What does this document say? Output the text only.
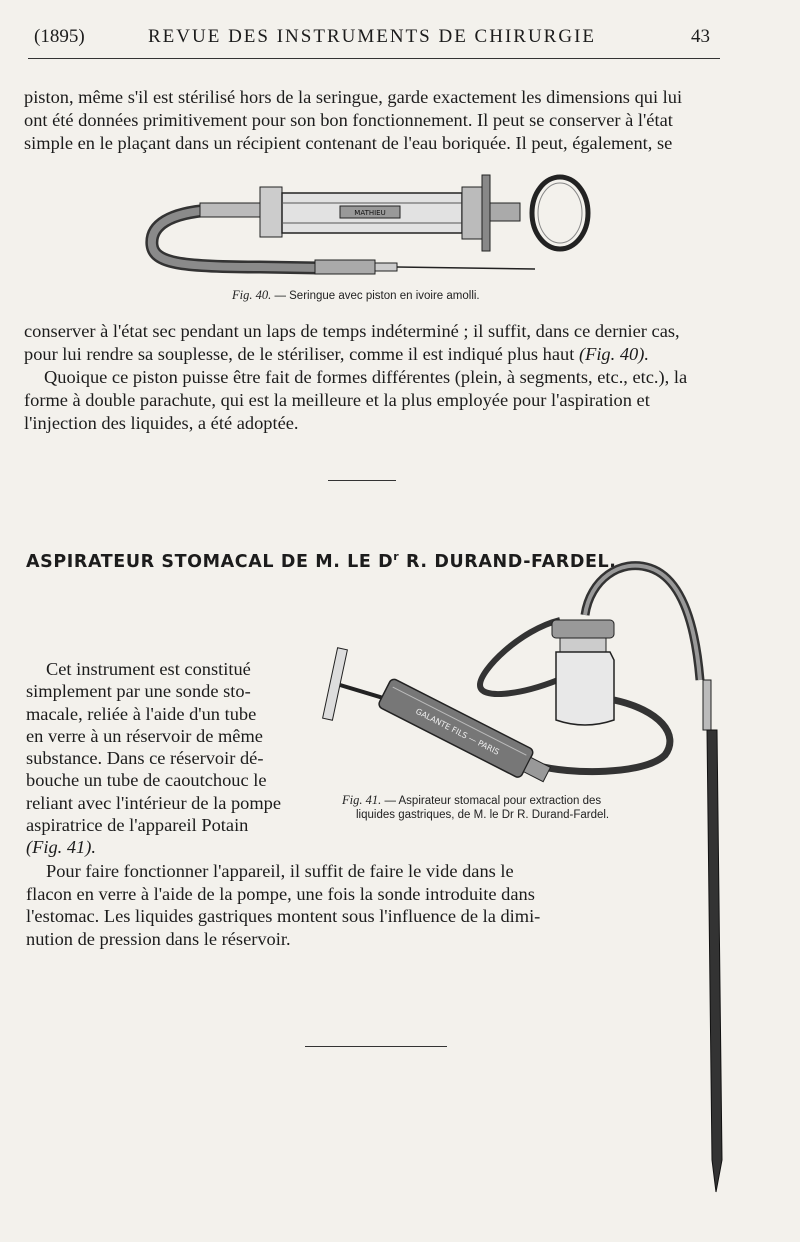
(1895)	REVUE DES INSTRUMENTS DE CHIRURGIE	43

piston, même s'il est stérilisé hors de la seringue, garde exactement les dimensions qui lui

ont été données primitivement pour son bon fonctionnement. Il peut se conserver à l'état

simple en le plaçant dans un récipient contenant de l'eau boriquée. Il peut, également, se

MATHIEU
Fig. 40. — Seringue avec piston en ivoire amolli.

conserver à l'état sec pendant un laps de temps indéterminé ; il suffit, dans ce dernier cas,

pour lui rendre sa souplesse, de le stériliser, comme il est indiqué plus haut (Fig. 40).

Quoique ce piston puisse être fait de formes différentes (plein, à segments, etc., etc.), la

forme à double parachute, qui est la meilleure et la plus employée pour l'aspiration et

l'injection des liquides, a été adoptée.

ASPIRATEUR STOMACAL DE M. LE $D^r$ R. DURAND-FARDEL.
GALANTE FILS — PARIS
Fig. 41. — Aspirateur stomacal pour extraction des
liquides gastriques, de M. le Dr R. Durand-Fardel.

Cet instrument est constitué

simplement par une sonde sto-

macale, reliée à l'aide d'un tube

en verre à un réservoir de même

substance. Dans ce réservoir dé-

bouche un tube de caoutchouc le

reliant avec l'intérieur de la pompe

aspiratrice de l'appareil Potain

(Fig. 41).

Pour faire fonctionner l'appareil, il suffit de faire le vide dans le

flacon en verre à l'aide de la pompe, une fois la sonde introduite dans

l'estomac. Les liquides gastriques montent sous l'influence de la dimi-

nution de pression dans le réservoir.
